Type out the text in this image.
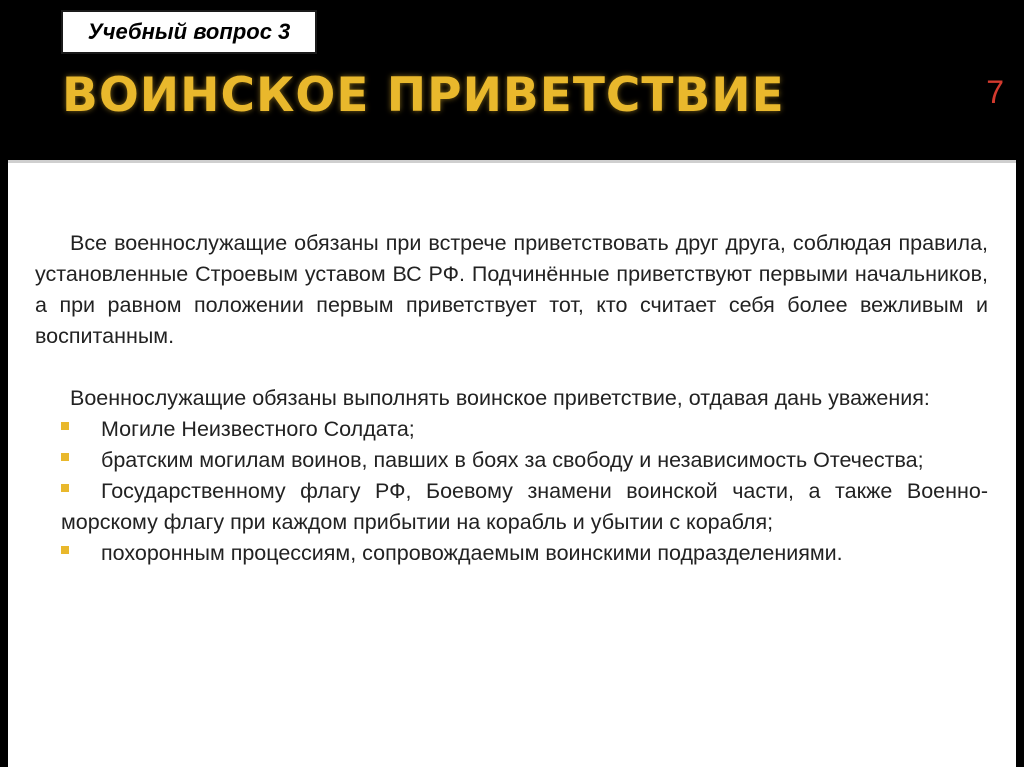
Учебный вопрос 3
ВОИНСКОЕ ПРИВЕТСТВИЕ	7

Все военнослужащие обязаны при встрече приветствовать друг друга, соблюдая правила, установленные Строевым уставом ВС РФ. Подчинённые приветствуют первыми начальников, а при равном положении первым приветствует тот, кто считает себя более вежливым и воспитанным.

Военнослужащие обязаны выполнять воинское приветствие, отдавая дань уважения:

Могиле Неизвестного Солдата;
братским могилам воинов, павших в боях за свободу и независимость Отечества;
Государственному флагу РФ, Боевому знамени воинской части, а также Военно-морскому флагу при каждом прибытии на корабль и убытии с корабля;
похоронным процессиям, сопровождаемым воинскими подразделениями.
